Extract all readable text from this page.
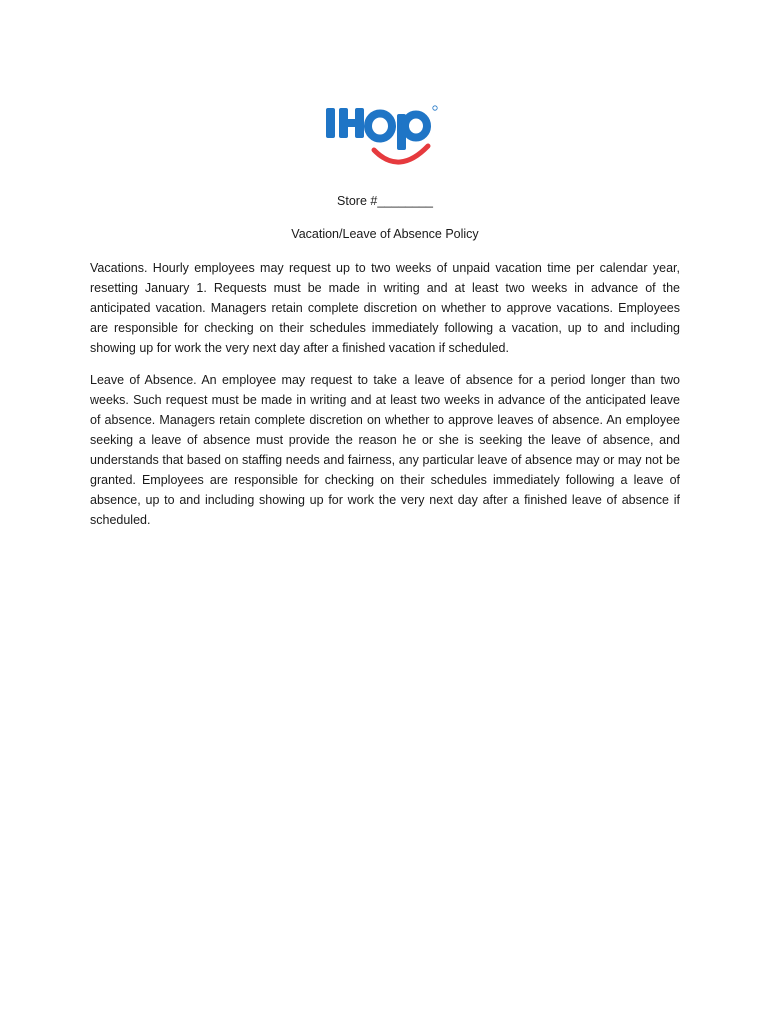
Store #________

Vacation/Leave of Absence Policy

Vacations. Hourly employees may request up to two weeks of unpaid vacation time per calendar year, resetting January 1. Requests must be made in writing and at least two weeks in advance of the anticipated vacation. Managers retain complete discretion on whether to approve vacations. Employees are responsible for checking on their schedules immediately following a vacation, up to and including showing up for work the very next day after a finished vacation if scheduled.

Leave of Absence. An employee may request to take a leave of absence for a period longer than two weeks. Such request must be made in writing and at least two weeks in advance of the anticipated leave of absence. Managers retain complete discretion on whether to approve leaves of absence. An employee seeking a leave of absence must provide the reason he or she is seeking the leave of absence, and understands that based on staffing needs and fairness, any particular leave of absence may or may not be granted. Employees are responsible for checking on their schedules immediately following a leave of absence, up to and including showing up for work the very next day after a finished leave of absence if scheduled.
